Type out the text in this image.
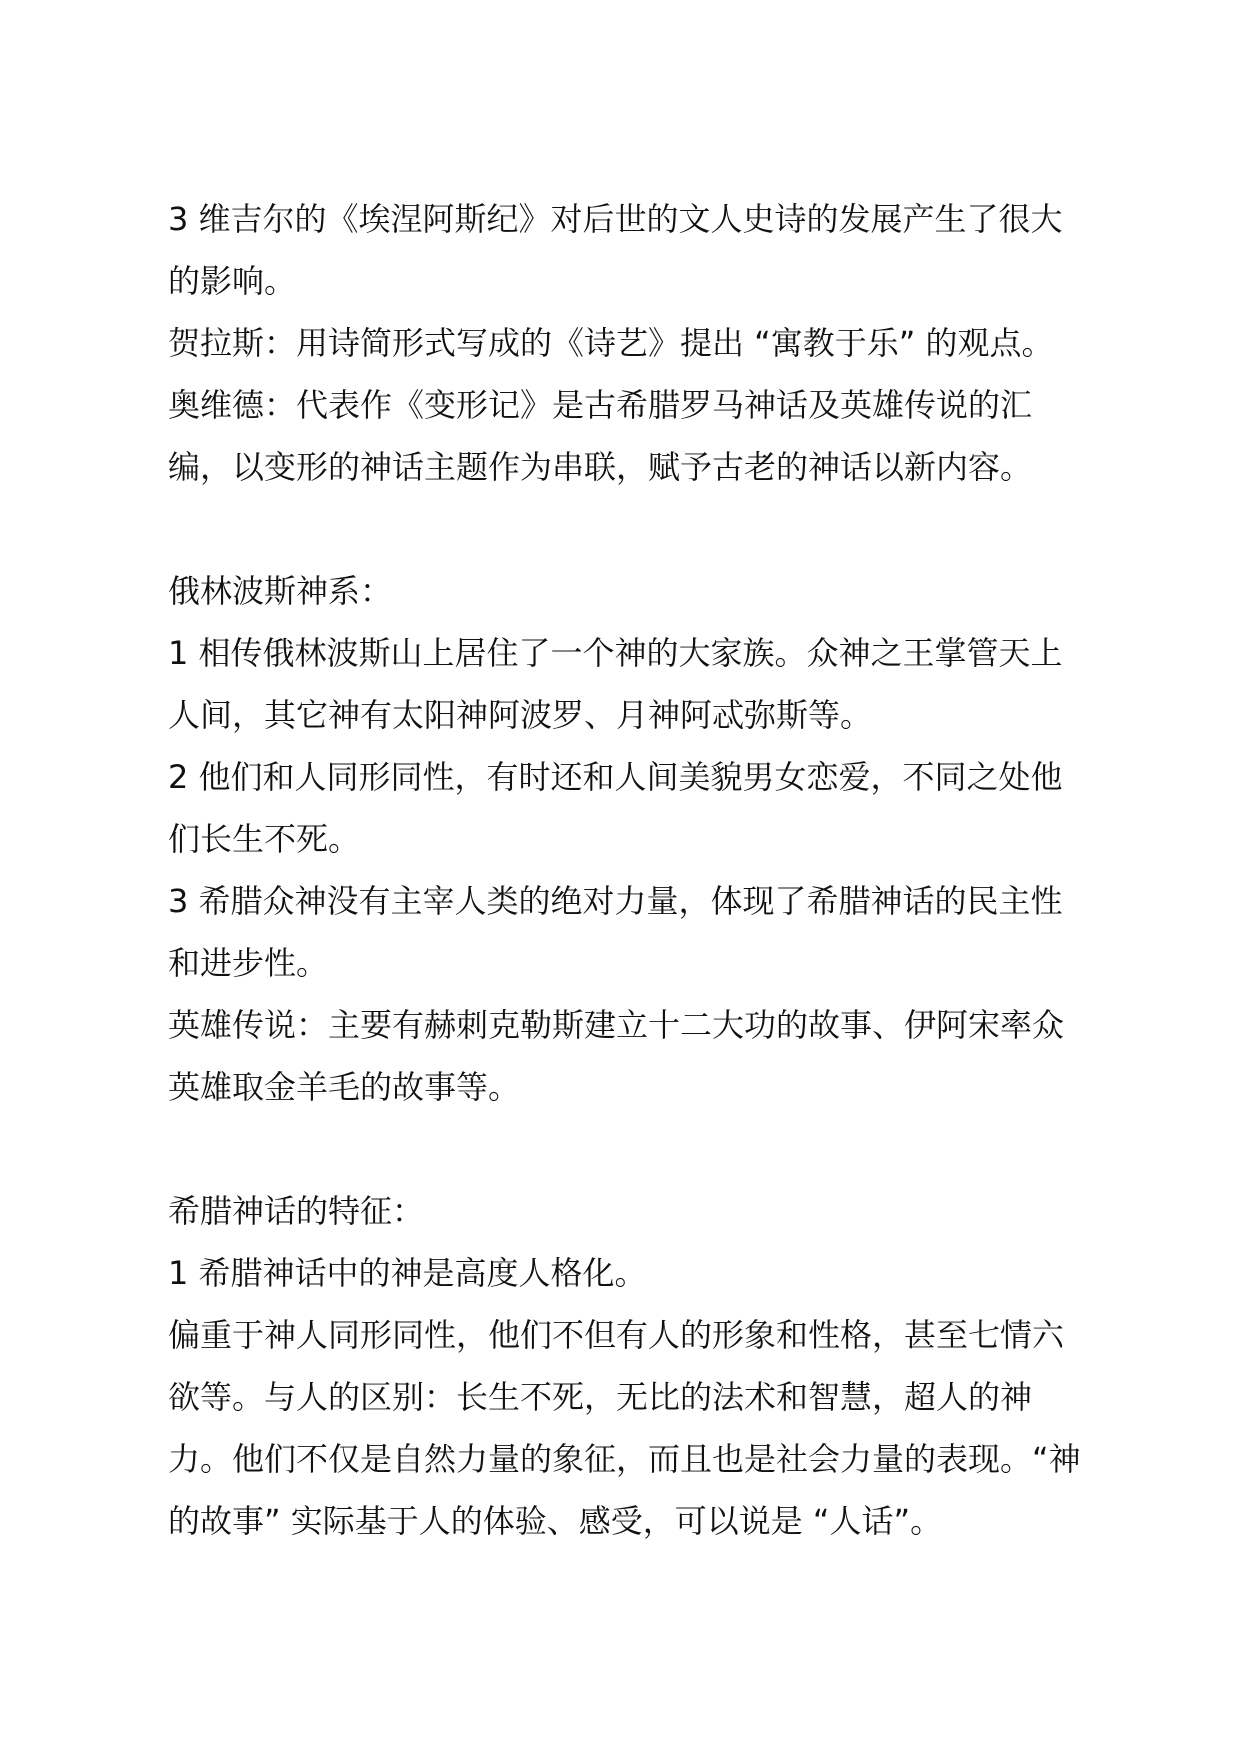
3 维吉尔的《埃涅阿斯纪》对后世的文人史诗的发展产生了很大的影响。

贺拉斯：用诗简形式写成的《诗艺》提出 “寓教于乐” 的观点。

奥维德：代表作《变形记》是古希腊罗马神话及英雄传说的汇编，以变形的神话主题作为串联，赋予古老的神话以新内容。

俄林波斯神系：

1 相传俄林波斯山上居住了一个神的大家族。众神之王掌管天上人间，其它神有太阳神阿波罗、月神阿忒弥斯等。

2 他们和人同形同性，有时还和人间美貌男女恋爱，不同之处他们长生不死。

3 希腊众神没有主宰人类的绝对力量，体现了希腊神话的民主性和进步性。

英雄传说：主要有赫刺克勒斯建立十二大功的故事、伊阿宋率众英雄取金羊毛的故事等。

希腊神话的特征：

1 希腊神话中的神是高度人格化。

偏重于神人同形同性，他们不但有人的形象和性格，甚至七情六欲等。与人的区别：长生不死，无比的法术和智慧，超人的神力。他们不仅是自然力量的象征，而且也是社会力量的表现。“神的故事” 实际基于人的体验、感受，可以说是 “人话”。
